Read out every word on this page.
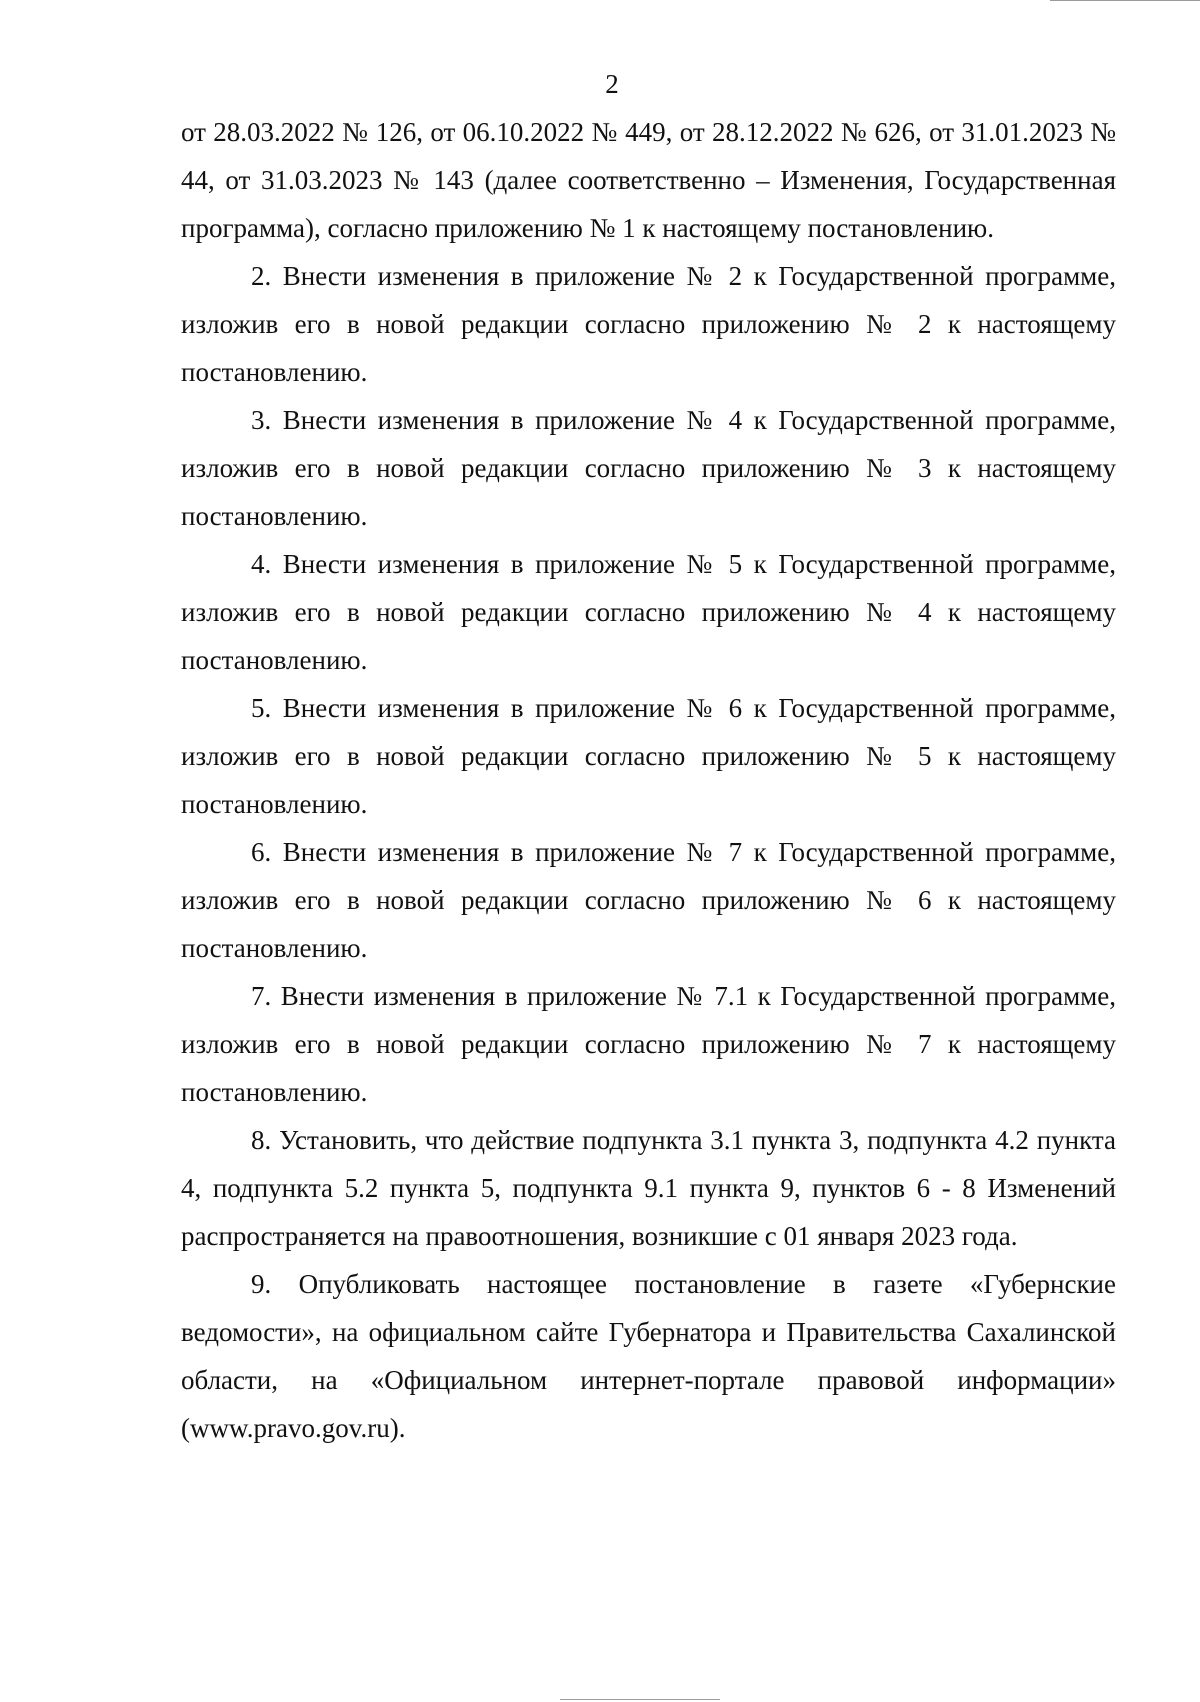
2

от 28.03.2022 № 126, от 06.10.2022 № 449, от 28.12.2022 № 626, от 31.01.2023 № 44, от 31.03.2023 № 143 (далее соответственно – Изменения, Государственная программа), согласно приложению № 1 к настоящему постановлению.

2. Внести изменения в приложение № 2 к Государственной программе, изложив его в новой редакции согласно приложению № 2 к настоящему постановлению.

3. Внести изменения в приложение № 4 к Государственной программе, изложив его в новой редакции согласно приложению № 3 к настоящему постановлению.

4. Внести изменения в приложение № 5 к Государственной программе, изложив его в новой редакции согласно приложению № 4 к настоящему постановлению.

5. Внести изменения в приложение № 6 к Государственной программе, изложив его в новой редакции согласно приложению № 5 к настоящему постановлению.

6. Внести изменения в приложение № 7 к Государственной программе, изложив его в новой редакции согласно приложению № 6 к настоящему постановлению.

7. Внести изменения в приложение № 7.1 к Государственной программе, изложив его в новой редакции согласно приложению № 7 к настоящему постановлению.

8. Установить, что действие подпункта 3.1 пункта 3, подпункта 4.2 пункта 4, подпункта 5.2 пункта 5, подпункта 9.1 пункта 9, пунктов 6 - 8 Изменений распространяется на правоотношения, возникшие с 01 января 2023 года.

9. Опубликовать настоящее постановление в газете «Губернские ведомости», на официальном сайте Губернатора и Правительства Сахалинской области, на «Официальном интернет-портале правовой информации» (www.pravo.gov.ru).
